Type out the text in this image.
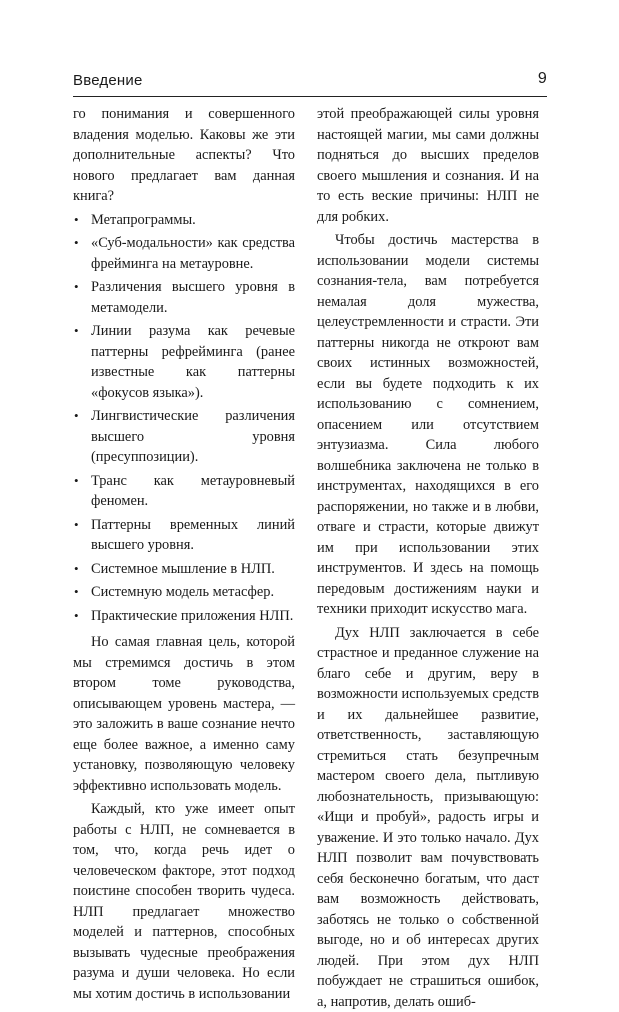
Введение	9

го понимания и совершенного владения моделью. Каковы же эти дополнительные аспекты? Что нового предлагает вам данная книга?

• Метапрограммы.
• «Суб-модальности» как средства фрейминга на метауровне.
• Различения высшего уровня в метамодели.
• Линии разума как речевые паттерны рефрейминга (ранее известные как паттерны «фокусов языка»).
• Лингвистические различения высшего уровня (пресуппозиции).
• Транс как метауровневый феномен.
• Паттерны временных линий высшего уровня.
• Системное мышление в НЛП.
• Системную модель метасфер.
• Практические приложения НЛП.

Но самая главная цель, которой мы стремимся достичь в этом втором томе руководства, описывающем уровень мастера, — это заложить в ваше сознание нечто еще более важное, а именно саму установку, позволяющую человеку эффективно использовать модель.

Каждый, кто уже имеет опыт работы с НЛП, не сомневается в том, что, когда речь идет о человеческом факторе, этот подход поистине способен творить чудеса. НЛП предлагает множество моделей и паттернов, способных вызывать чудесные преображения разума и души человека. Но если мы хотим достичь в использовании

этой преображающей силы уровня настоящей магии, мы сами должны подняться до высших пределов своего мышления и сознания. И на то есть веские причины: НЛП не для робких.

Чтобы достичь мастерства в использовании модели системы сознания-тела, вам потребуется немалая доля мужества, целеустремленности и страсти. Эти паттерны никогда не откроют вам своих истинных возможностей, если вы будете подходить к их использованию с сомнением, опасением или отсутствием энтузиазма. Сила любого волшебника заключена не только в инструментах, находящихся в его распоряжении, но также и в любви, отваге и страсти, которые движут им при использовании этих инструментов. И здесь на помощь передовым достижениям науки и техники приходит искусство мага.

Дух НЛП заключается в себе страстное и преданное служение на благо себе и другим, веру в возможности используемых средств и их дальнейшее развитие, ответственность, заставляющую стремиться стать безупречным мастером своего дела, пытливую любознательность, призывающую: «Ищи и пробуй», радость игры и уважение. И это только начало. Дух НЛП позволит вам почувствовать себя бесконечно богатым, что даст вам возможность действовать, заботясь не только о собственной выгоде, но и об интересах других людей. При этом дух НЛП побуждает не страшиться ошибок, а, напротив, делать ошиб-
